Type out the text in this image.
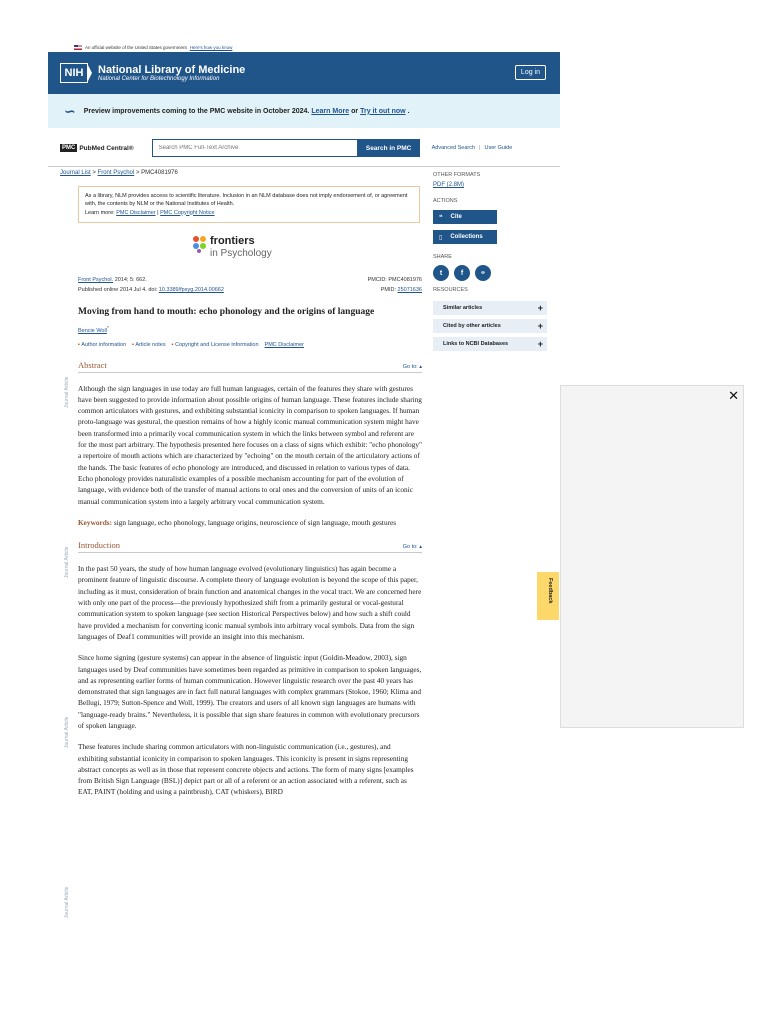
An official website of the United States government Here's how you know
NIH	National Library of Medicine
National Center for Biotechnology Information
Log in
∽ Preview improvements coming to the PMC website in October 2024. Learn More or Try it out now .
PMC PubMed Central®
Search PMC Full-Text Archive	Search in PMC	Advanced Search | User Guide
Journal List > Front Psychol > PMC4081976
As a library, NLM provides access to scientific literature. Inclusion in an NLM database does not imply endorsement of, or agreement with, the contents by NLM or the National Institutes of Health.
Learn more: PMC Disclaimer | PMC Copyright Notice
frontiers
in Psychology
Front Psychol. 2014; 5: 662.
Published online 2014 Jul 4. doi: 10.3389/fpsyg.2014.00662
PMCID: PMC4081976
PMID: 25071636
Moving from hand to mouth: echo phonology and the origins of language
Bencie Woll*
▪ Author information ▪ Article notes ▪ Copyright and License information PMC Disclaimer
Abstract	Go to: ▴
Although the sign languages in use today are full human languages, certain of the features they share with gestures have been suggested to provide information about possible origins of human language. These features include sharing common articulators with gestures, and exhibiting substantial iconicity in comparison to spoken languages. If human proto-language was gestural, the question remains of how a highly iconic manual communication system might have been transformed into a primarily vocal communication system in which the links between symbol and referent are for the most part arbitrary. The hypothesis presented here focuses on a class of signs which exhibit: "echo phonology" a repertoire of mouth actions which are characterized by "echoing" on the mouth certain of the articulatory actions of the hands. The basic features of echo phonology are introduced, and discussed in relation to various types of data. Echo phonology provides naturalistic examples of a possible mechanism accounting for part of the evolution of language, with evidence both of the transfer of manual actions to oral ones and the conversion of units of an iconic manual communication system into a largely arbitrary vocal communication system.
Keywords: sign language, echo phonology, language origins, neuroscience of sign language, mouth gestures
Introduction	Go to: ▴
In the past 50 years, the study of how human language evolved (evolutionary linguistics) has again become a prominent feature of linguistic discourse. A complete theory of language evolution is beyond the scope of this paper, including as it must, consideration of brain function and anatomical changes in the vocal tract. We are concerned here with only one part of the process—the previously hypothesized shift from a primarily gestural or vocal-gestural communication system to spoken language (see section Historical Perspectives below) and how such a shift could have provided a mechanism for converting iconic manual symbols into arbitrary vocal symbols. Data from the sign languages of Deaf1 communities will provide an insight into this mechanism.
Since home signing (gesture systems) can appear in the absence of linguistic input (Goldin-Meadow, 2003), sign languages used by Deaf communities have sometimes been regarded as primitive in comparison to spoken languages, and as representing earlier forms of human communication. However linguistic research over the past 40 years has demonstrated that sign languages are in fact full natural languages with complex grammars (Stokoe, 1960; Klima and Bellugi, 1979; Sutton-Spence and Woll, 1999). The creators and users of all known sign languages are humans with "language-ready brains." Nevertheless, it is possible that sign share features in common with evolutionary precursors of spoken language.
These features include sharing common articulators with non-linguistic communication (i.e., gestures), and exhibiting substantial iconicity in comparison to spoken languages. This iconicity is present in signs representing abstract concepts as well as in those that represent concrete objects and actions. The form of many signs [examples from British Sign Language (BSL)] depict part or all of a referent or an action associated with a referent, such as EAT, PAINT (holding and using a paintbrush), CAT (whiskers), BIRD
Journal Article
Journal Article
Journal Article
Journal Article
OTHER FORMATS
PDF (2.8M)
ACTIONS
❝ Cite
▯ Collections
SHARE
t	f	⚭
RESOURCES
Similar articles	+
Cited by other articles	+
Links to NCBI Databases	+
✕
Feedback
